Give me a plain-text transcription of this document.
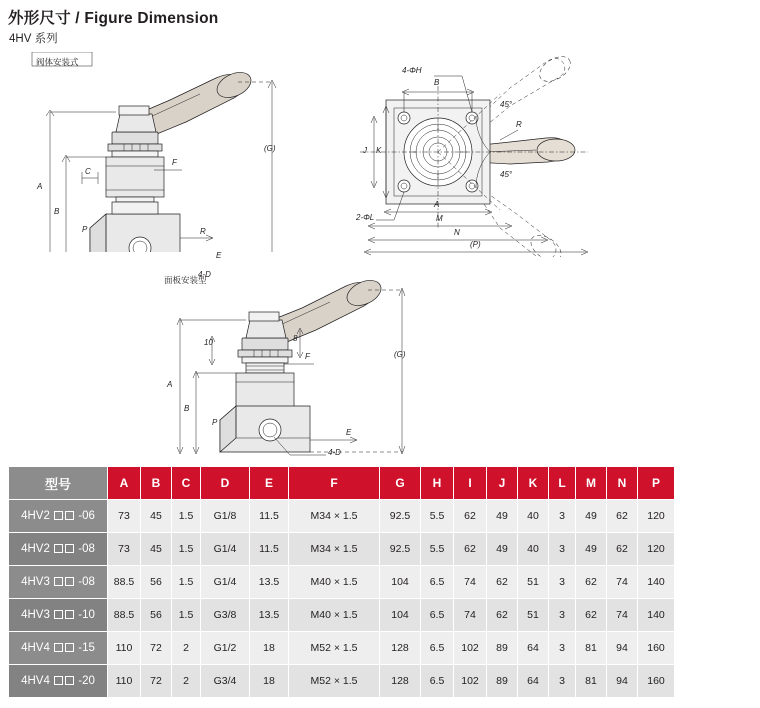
外形尺寸 / Figure Dimension
4HV 系列
阀体安装式
A
B
C
F
R
E
(G)
4-D
P
4-ΦH
B
J K
A
M
N
(P)
2-ΦL
45°
45°
R
面板安装型
A
B
P
10	8
F
E
(G)
4-D
型号	A	B	C	D	E	F	G	H	I	J	K	L	M	N	P
4HV2  -06	73	45	1.5	G1/8	11.5	M34 × 1.5	92.5	5.5	62	49	40	3	49	62	120
4HV2  -08	73	45	1.5	G1/4	11.5	M34 × 1.5	92.5	5.5	62	49	40	3	49	62	120
4HV3  -08	88.5	56	1.5	G1/4	13.5	M40 × 1.5	104	6.5	74	62	51	3	62	74	140
4HV3  -10	88.5	56	1.5	G3/8	13.5	M40 × 1.5	104	6.5	74	62	51	3	62	74	140
4HV4  -15	110	72	2	G1/2	18	M52 × 1.5	128	6.5	102	89	64	3	81	94	160
4HV4  -20	110	72	2	G3/4	18	M52 × 1.5	128	6.5	102	89	64	3	81	94	160
